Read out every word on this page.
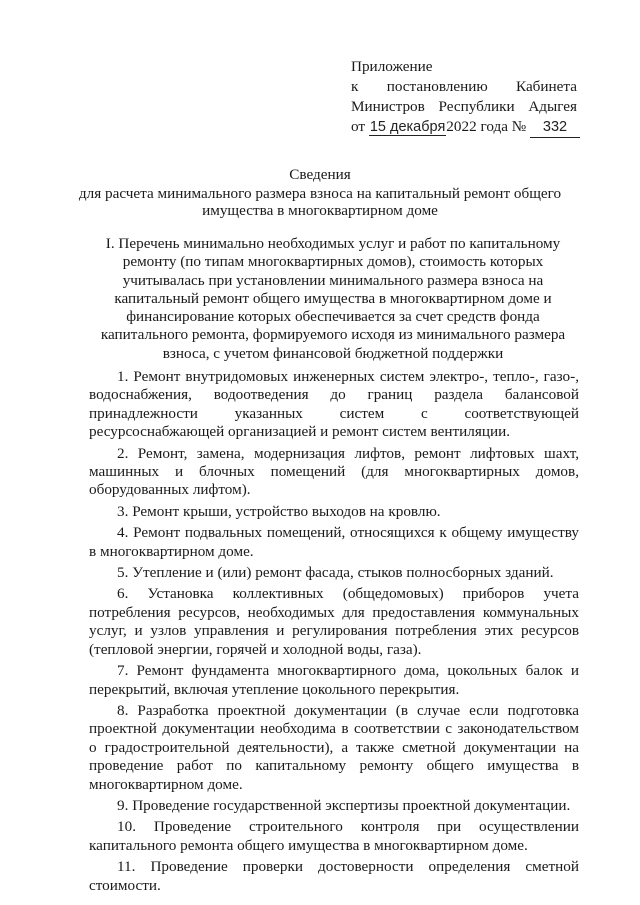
Приложение
к постановлению Кабинета
Министров Республики Адыгея
от 15 декабря2022 года № 332
Сведения
для расчета минимального размера взноса на капитальный ремонт общего
имущества в многоквартирном доме
I. Перечень минимально необходимых услуг и работ по капитальному ремонту (по типам многоквартирных домов), стоимость которых учитывалась при установлении минимального размера взноса на капитальный ремонт общего имущества в многоквартирном доме и финансирование которых обеспечивается за счет средств фонда капитального ремонта, формируемого исходя из минимального размера взноса, с учетом финансовой бюджетной поддержки

1. Ремонт внутридомовых инженерных систем электро-, тепло-, газо-, водоснабжения, водоотведения до границ раздела балансовой принадлежности указанных систем с соответствующей ресурсоснабжающей организацией и ремонт систем вентиляции.

2. Ремонт, замена, модернизация лифтов, ремонт лифтовых шахт, машинных и блочных помещений (для многоквартирных домов, оборудованных лифтом).

3. Ремонт крыши, устройство выходов на кровлю.

4. Ремонт подвальных помещений, относящихся к общему имуществу в многоквартирном доме.

5. Утепление и (или) ремонт фасада, стыков полносборных зданий.

6. Установка коллективных (общедомовых) приборов учета потребления ресурсов, необходимых для предоставления коммунальных услуг, и узлов управления и регулирования потребления этих ресурсов (тепловой энергии, горячей и холодной воды, газа).

7. Ремонт фундамента многоквартирного дома, цокольных балок и перекрытий, включая утепление цокольного перекрытия.

8. Разработка проектной документации (в случае если подготовка проектной документации необходима в соответствии с законодательством о градостроительной деятельности), а также сметной документации на проведение работ по капитальному ремонту общего имущества в многоквартирном доме.

9. Проведение государственной экспертизы проектной документации.

10. Проведение строительного контроля при осуществлении капитального ремонта общего имущества в многоквартирном доме.

11. Проведение проверки достоверности определения сметной стоимости.
